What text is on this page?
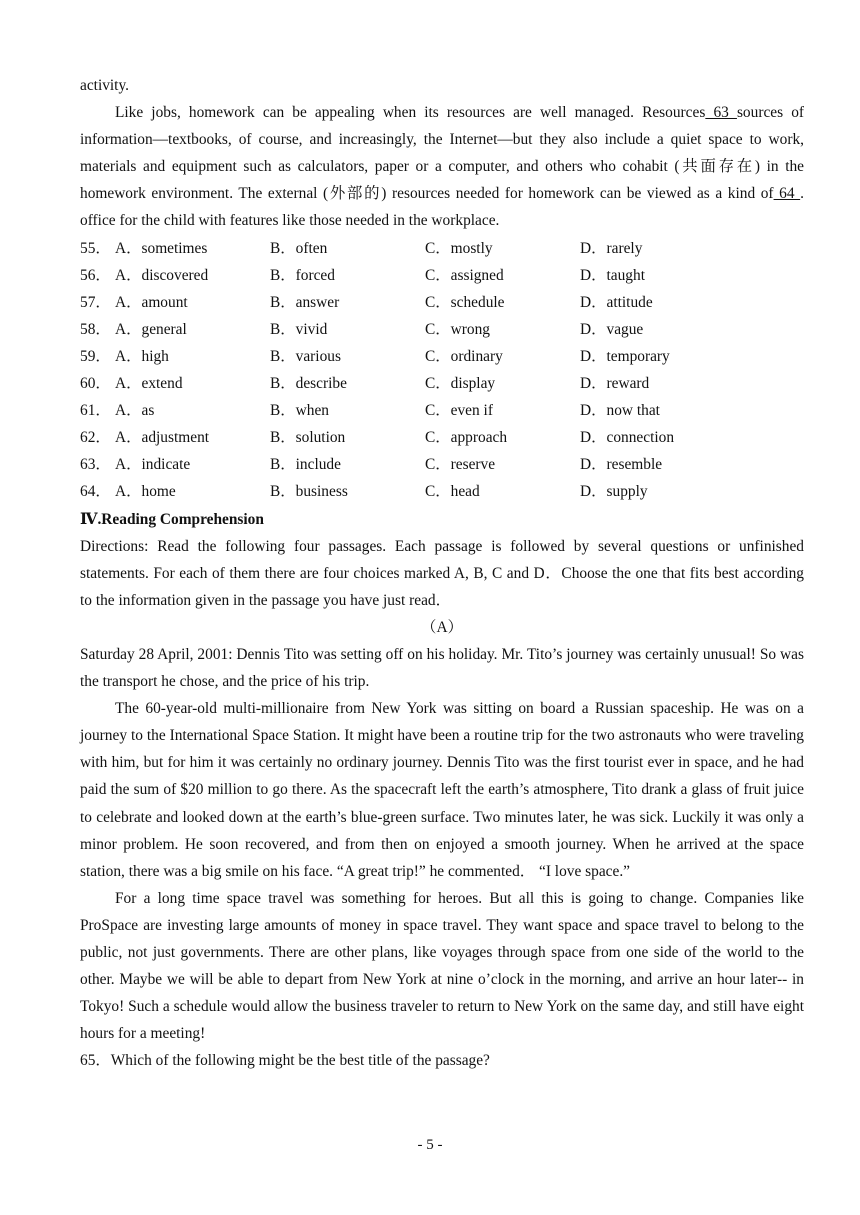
activity.

Like jobs, homework can be appealing when its resources are well managed. Resources 63 sources of information—textbooks, of course, and increasingly, the Internet—but they also include a quiet space to work, materials and equipment such as calculators, paper or a computer, and others who cohabit (共面存在) in the homework environment. The external (外部的) resources needed for homework can be viewed as a kind of 64 . office for the child with features like those needed in the workplace.

55． A．sometimes	B．often	C．mostly	D．rarely
56． A．discovered	B．forced	C．assigned	D．taught
57． A．amount	B．answer	C．schedule	D．attitude
58． A．general	B．vivid	C．wrong	D．vague
59． A．high	B．various	C．ordinary	D．temporary
60． A．extend	B．describe	C．display	D．reward
61． A．as	B．when	C．even if	D．now that
62． A．adjustment	B．solution	C．approach	D．connection
63． A．indicate	B．include	C．reserve	D．resemble
64． A．home	B．business	C．head	D．supply

Ⅳ.Reading Comprehension

Directions: Read the following four passages. Each passage is followed by several questions or unfinished statements. For each of them there are four choices marked A, B, C and D．Choose the one that fits best according to the information given in the passage you have just read．

（A）

Saturday 28 April, 2001: Dennis Tito was setting off on his holiday. Mr. Tito’s journey was certainly unusual! So was the transport he chose, and the price of his trip.

The 60-year-old multi-millionaire from New York was sitting on board a Russian spaceship. He was on a journey to the International Space Station. It might have been a routine trip for the two astronauts who were traveling with him, but for him it was certainly no ordinary journey. Dennis Tito was the first tourist ever in space, and he had paid the sum of $20 million to go there. As the spacecraft left the earth’s atmosphere, Tito drank a glass of fruit juice to celebrate and looked down at the earth’s blue-green surface. Two minutes later, he was sick. Luckily it was only a minor problem. He soon recovered, and from then on enjoyed a smooth journey. When he arrived at the space station, there was a big smile on his face. “A great trip!” he commented． “I love space.”

For a long time space travel was something for heroes. But all this is going to change. Companies like ProSpace are investing large amounts of money in space travel. They want space and space travel to belong to the public, not just governments. There are other plans, like voyages through space from one side of the world to the other. Maybe we will be able to depart from New York at nine o’clock in the morning, and arrive an hour later-- in Tokyo! Such a schedule would allow the business traveler to return to New York on the same day, and still have eight hours for a meeting!

65．Which of the following might be the best title of the passage?

- 5 -
